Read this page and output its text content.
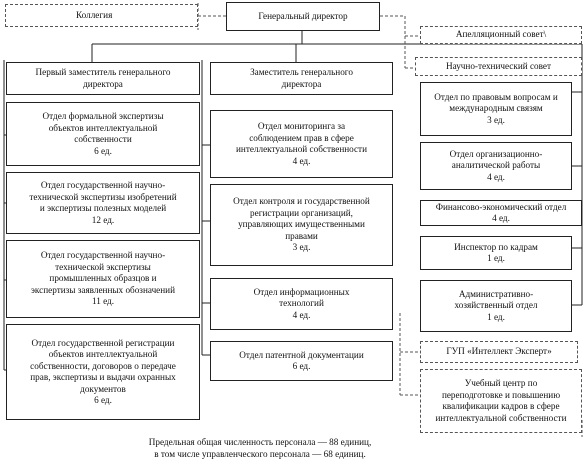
Генеральный директор
Коллегия
Апелляционный совет\
Научно-технический совет
Первый заместитель генерального
директора
Заместитель генерального
директора
Отдел формальной экспертизы
объектов интеллектуальной
собственности
6 ед.
Отдел государственной научно-
технической экспертизы изобретений
и экспертизы полезных моделей
12 ед.
Отдел государственной научно-
технической экспертизы
промышленных образцов и
экспертизы заявленных обозначений
11 ед.
Отдел государственной регистрации
объектов интеллектуальной
собственности, договоров о передаче
прав, экспертизы и выдачи охранных
документов
6 ед.
Отдел мониторинга за
соблюдением прав в сфере
интеллектуальной собственности
4 ед.
Отдел контроля и государственной
регистрации организаций,
управляющих имущественными
правами
3 ед.
Отдел информационных
технологий
4 ед.
Отдел патентной документации
6 ед.
Отдел по правовым вопросам и
международным связям
3 ед.
Отдел организационно-
аналитической работы
4 ед.
Финансово-экономический отдел
4 ед.
Инспектор по кадрам
1 ед.
Административно-
хозяйственный отдел
1 ед.
ГУП «Интеллект Эксперт»
Учебный центр по
переподготовке и повышению
квалификации кадров в сфере
интеллектуальной собственности
Предельная общая численность персонала — 88 единиц,
в том числе управленческого персонала — 68 единиц.
